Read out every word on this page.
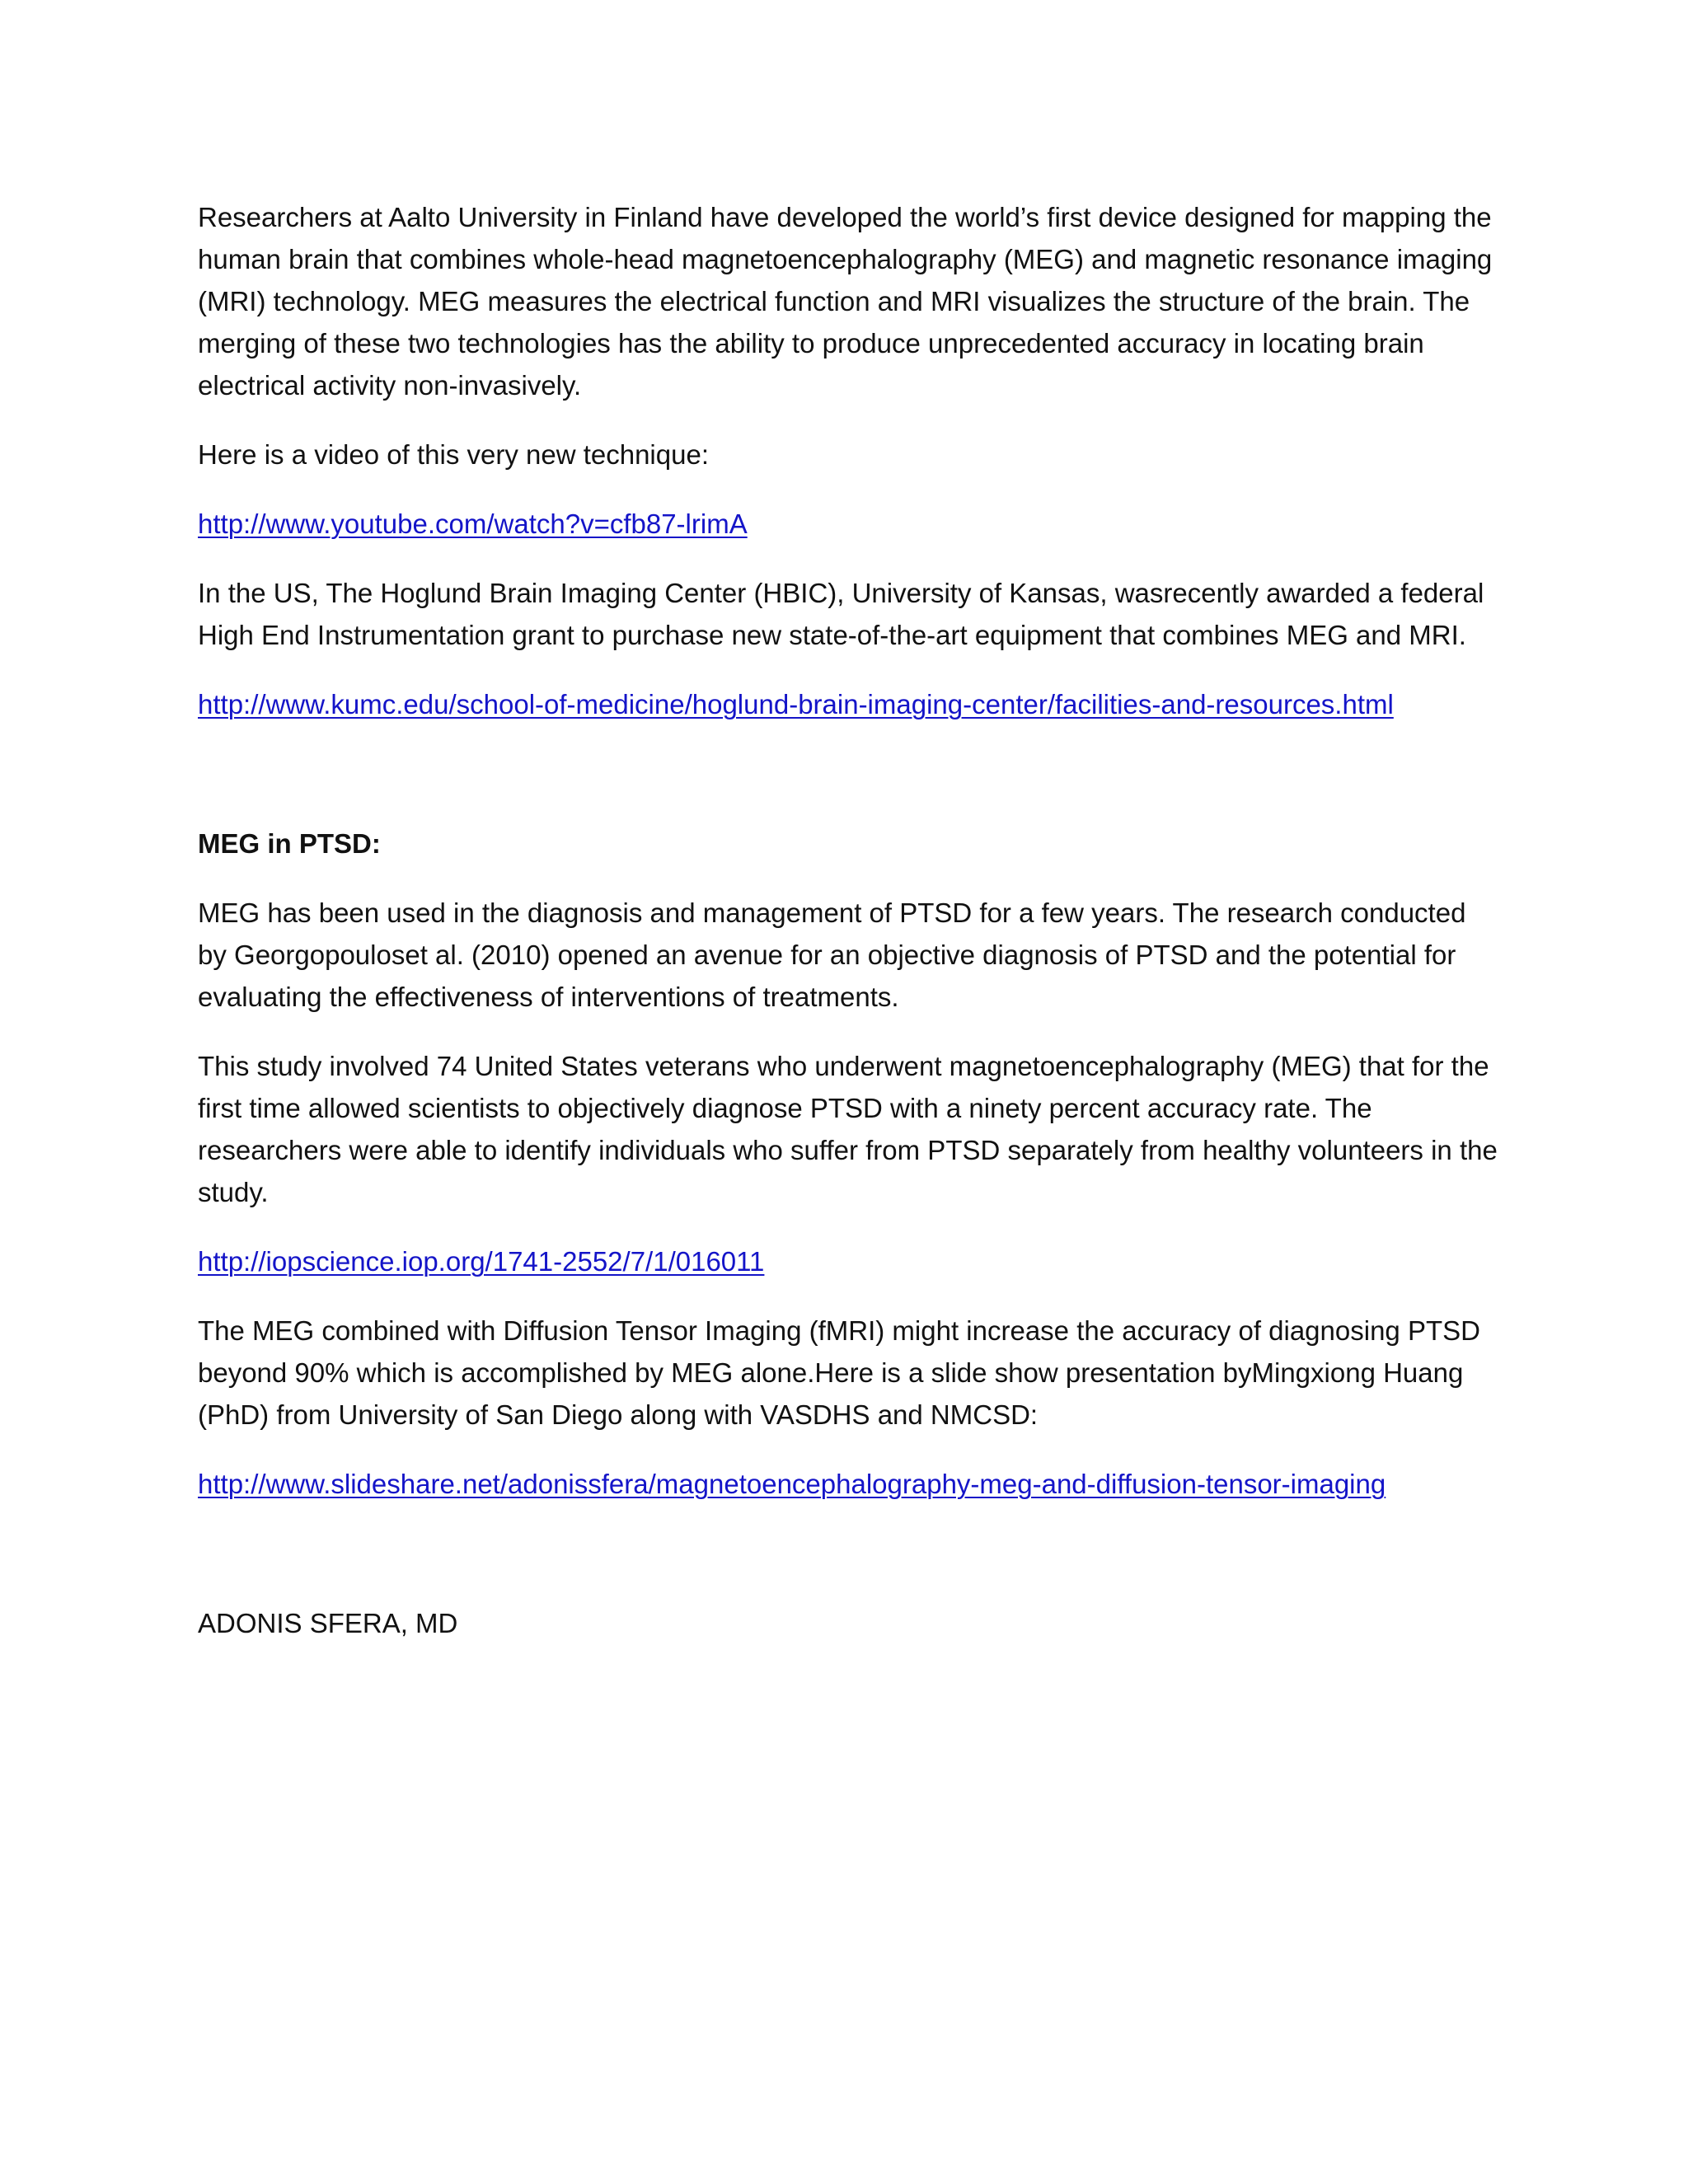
Researchers at Aalto University in Finland have developed the world’s first device designed for mapping the human brain that combines whole-head magnetoencephalography (MEG) and magnetic resonance imaging (MRI) technology. MEG measures the electrical function and MRI visualizes the structure of the brain. The merging of these two technologies has the ability to produce unprecedented accuracy in locating brain electrical activity non-invasively.

Here is a video of this very new technique:

http://www.youtube.com/watch?v=cfb87-lrimA

In the US, The Hoglund Brain Imaging Center (HBIC), University of Kansas, wasrecently awarded a federal High End Instrumentation grant to purchase new state-of-the-art equipment that combines MEG and MRI.

http://www.kumc.edu/school-of-medicine/hoglund-brain-imaging-center/facilities-and-resources.html

MEG in PTSD:

MEG has been used in the diagnosis and management of PTSD for a few years. The research conducted by Georgopouloset al. (2010) opened an avenue for an objective diagnosis of PTSD and the potential for evaluating the effectiveness of interventions of treatments.

This study involved 74 United States veterans who underwent magnetoencephalography (MEG) that for the first time allowed scientists to objectively diagnose PTSD with a ninety percent accuracy rate. The researchers were able to identify individuals who suffer from PTSD separately from healthy volunteers in the study.

http://iopscience.iop.org/1741-2552/7/1/016011

The MEG combined with Diffusion Tensor Imaging (fMRI) might increase the accuracy of diagnosing PTSD beyond 90% which is accomplished by MEG alone.Here is a slide show presentation byMingxiong Huang (PhD) from University of San Diego along with VASDHS and NMCSD:

http://www.slideshare.net/adonissfera/magnetoencephalography-meg-and-diffusion-tensor-imaging

ADONIS SFERA, MD
